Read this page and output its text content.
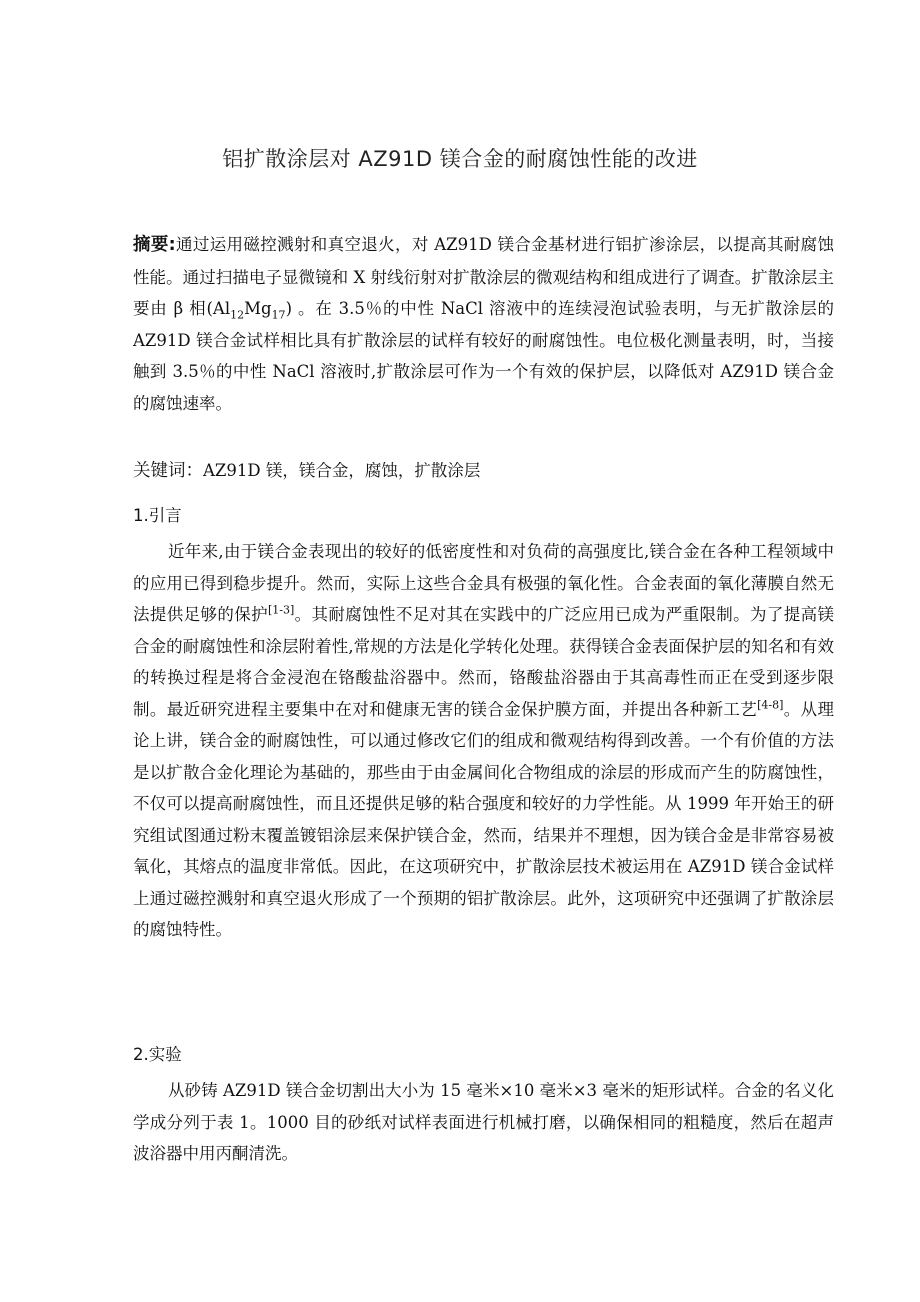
铝扩散涂层对 AZ91D 镁合金的耐腐蚀性能的改进
摘要:通过运用磁控溅射和真空退火，对 AZ91D 镁合金基材进行铝扩渗涂层，以提高其耐腐蚀性能。通过扫描电子显微镜和 X 射线衍射对扩散涂层的微观结构和组成进行了调查。扩散涂层主要由 β 相$(Al_{12}Mg_{17})$ 。在 3.5％的中性 NaCl 溶液中的连续浸泡试验表明，与无扩散涂层的 AZ91D 镁合金试样相比具有扩散涂层的试样有较好的耐腐蚀性。电位极化测量表明，时，当接触到 3.5％的中性 NaCl 溶液时,扩散涂层可作为一个有效的保护层，以降低对 AZ91D 镁合金的腐蚀速率。
关键词：AZ91D 镁，镁合金，腐蚀，扩散涂层
1.引言
近年来,由于镁合金表现出的较好的低密度性和对负荷的高强度比,镁合金在各种工程领域中的应用已得到稳步提升。然而，实际上这些合金具有极强的氧化性。合金表面的氧化薄膜自然无法提供足够的保护[1-3]。其耐腐蚀性不足对其在实践中的广泛应用已成为严重限制。为了提高镁合金的耐腐蚀性和涂层附着性,常规的方法是化学转化处理。获得镁合金表面保护层的知名和有效的转换过程是将合金浸泡在铬酸盐浴器中。然而，铬酸盐浴器由于其高毒性而正在受到逐步限制。最近研究进程主要集中在对和健康无害的镁合金保护膜方面，并提出各种新工艺[4-8]。从理论上讲，镁合金的耐腐蚀性，可以通过修改它们的组成和微观结构得到改善。一个有价值的方法是以扩散合金化理论为基础的，那些由于由金属间化合物组成的涂层的形成而产生的防腐蚀性，不仅可以提高耐腐蚀性，而且还提供足够的粘合强度和较好的力学性能。从 1999 年开始王的研究组试图通过粉末覆盖镀铝涂层来保护镁合金，然而，结果并不理想，因为镁合金是非常容易被氧化，其熔点的温度非常低。因此，在这项研究中，扩散涂层技术被运用在 AZ91D 镁合金试样上通过磁控溅射和真空退火形成了一个预期的铝扩散涂层。此外，这项研究中还强调了扩散涂层的腐蚀特性。
2.实验
从砂铸 AZ91D 镁合金切割出大小为 15 毫米×10 毫米×3 毫米的矩形试样。合金的名义化学成分列于表 1。1000 目的砂纸对试样表面进行机械打磨，以确保相同的粗糙度，然后在超声波浴器中用丙酮清洗。
